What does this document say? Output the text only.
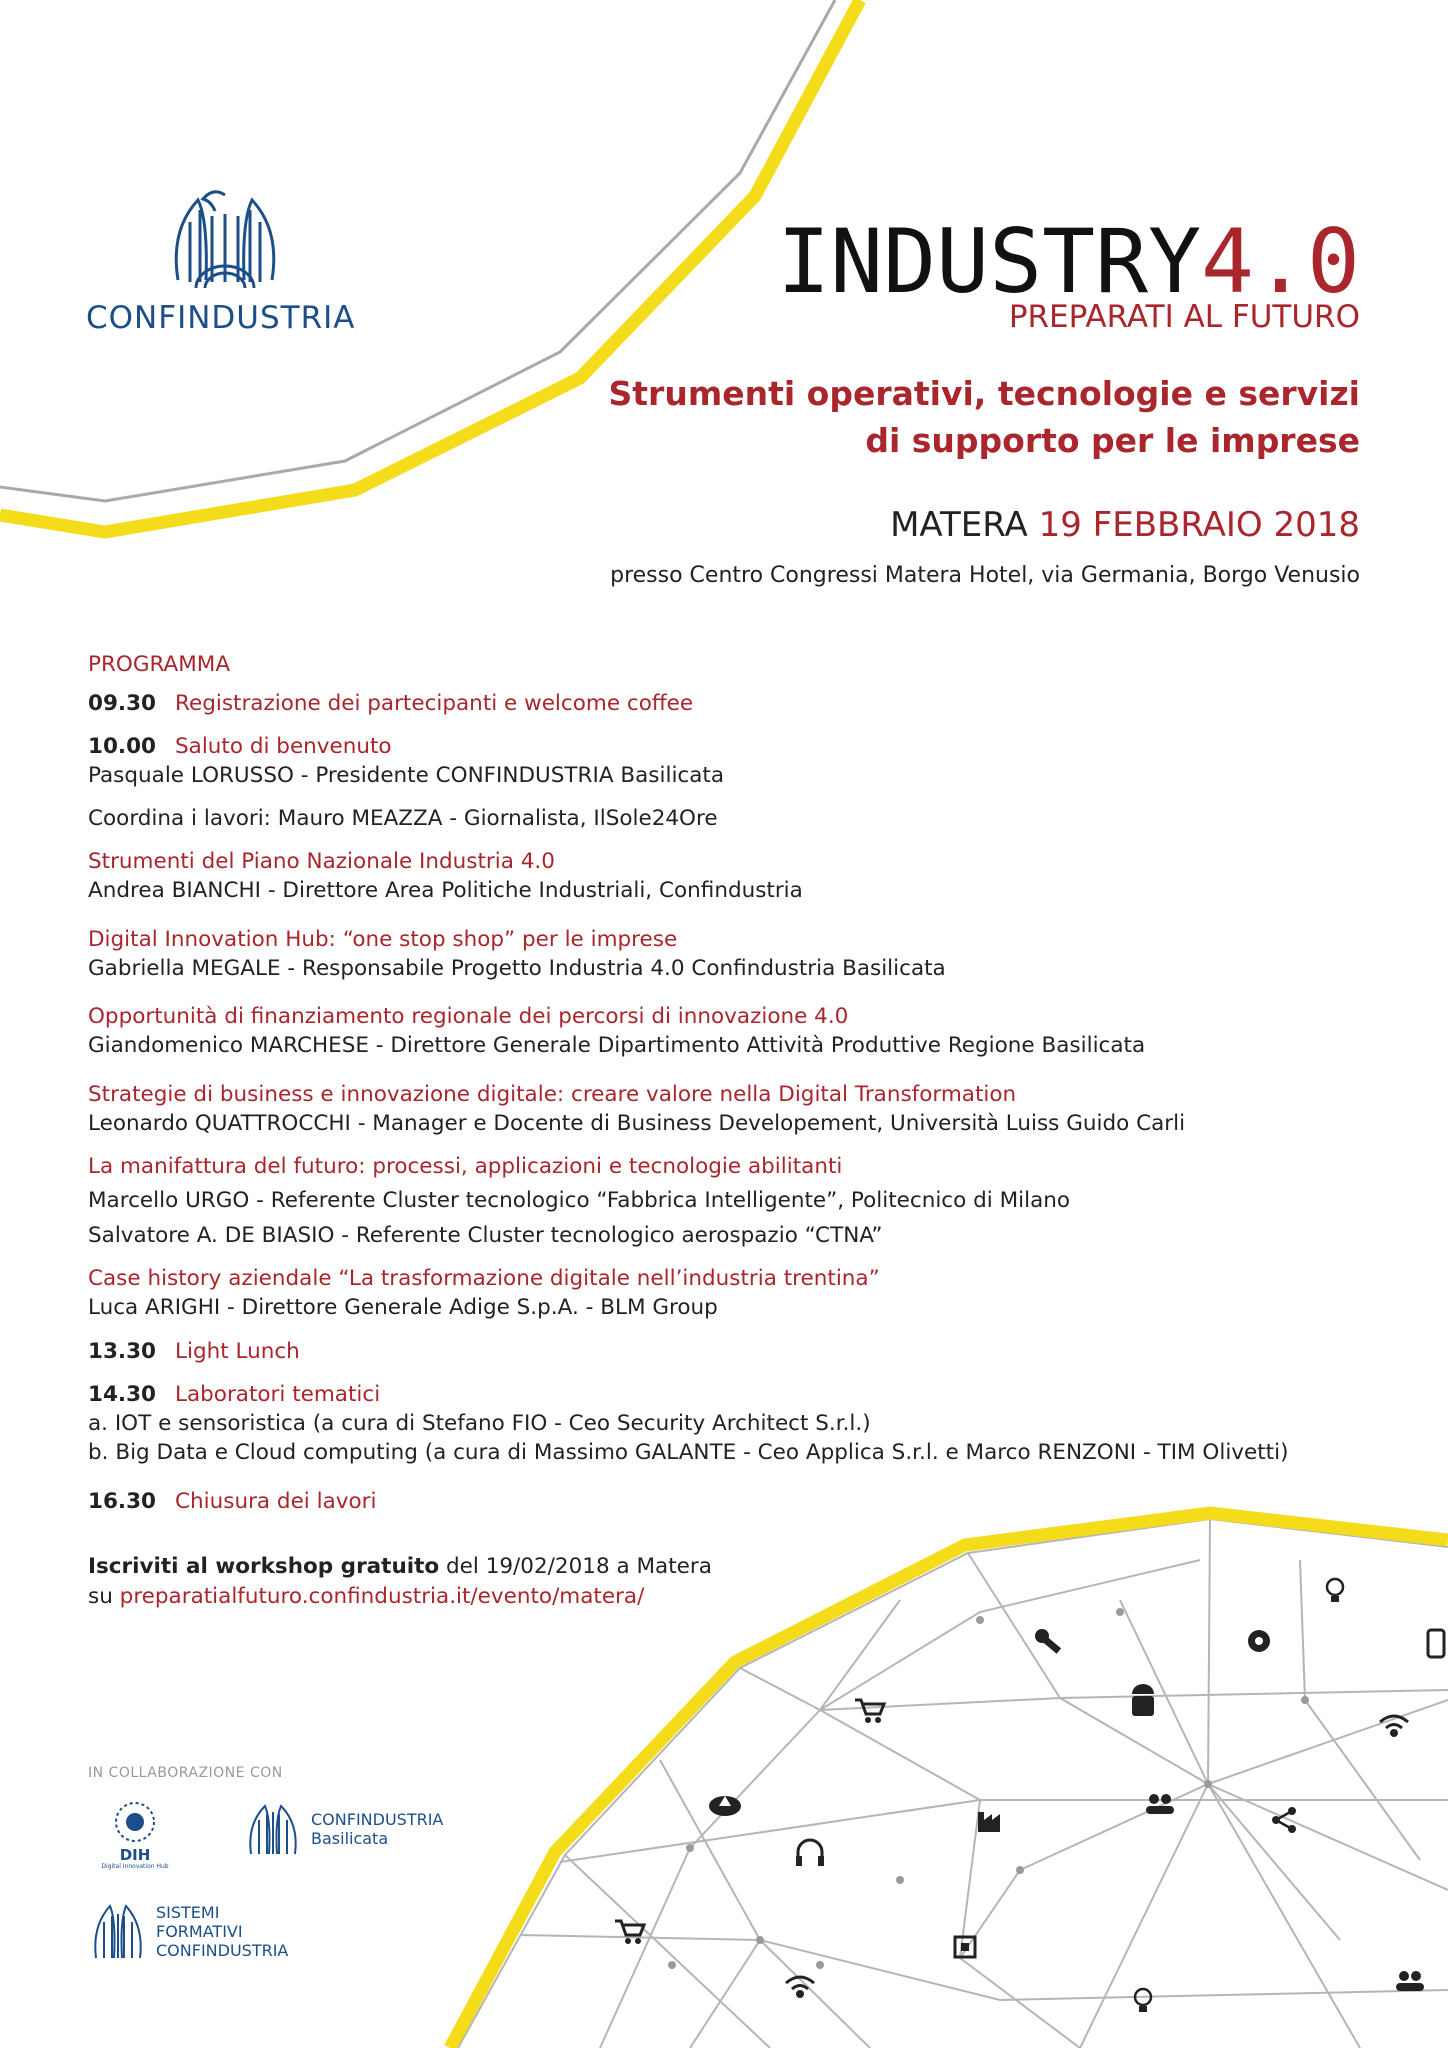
CONFINDUSTRIA
INDUSTRY4.0
PREPARATI AL FUTURO
Strumenti operativi, tecnologie e servizi
di supporto per le imprese
MATERA 19 FEBBRAIO 2018
presso Centro Congressi Matera Hotel, via Germania, Borgo Venusio
PROGRAMMA
09.30 Registrazione dei partecipanti e welcome coffee
10.00 Saluto di benvenuto
Pasquale LORUSSO - Presidente CONFINDUSTRIA Basilicata
Coordina i lavori: Mauro MEAZZA - Giornalista, IlSole24Ore
Strumenti del Piano Nazionale Industria 4.0
Andrea BIANCHI - Direttore Area Politiche Industriali, Confindustria
Digital Innovation Hub: “one stop shop” per le imprese
Gabriella MEGALE - Responsabile Progetto Industria 4.0 Confindustria Basilicata
Opportunità di finanziamento regionale dei percorsi di innovazione 4.0
Giandomenico MARCHESE - Direttore Generale Dipartimento Attività Produttive Regione Basilicata
Strategie di business e innovazione digitale: creare valore nella Digital Transformation
Leonardo QUATTROCCHI - Manager e Docente di Business Developement, Università Luiss Guido Carli
La manifattura del futuro: processi, applicazioni e tecnologie abilitanti
Marcello URGO - Referente Cluster tecnologico “Fabbrica Intelligente”, Politecnico di Milano
Salvatore A. DE BIASIO - Referente Cluster tecnologico aerospazio “CTNA”
Case history aziendale “La trasformazione digitale nell’industria trentina”
Luca ARIGHI - Direttore Generale Adige S.p.A. - BLM Group
13.30 Light Lunch
14.30 Laboratori tematici
a. IOT e sensoristica (a cura di Stefano FIO - Ceo Security Architect S.r.l.)
b. Big Data e Cloud computing (a cura di Massimo GALANTE - Ceo Applica S.r.l. e Marco RENZONI - TIM Olivetti)
16.30 Chiusura dei lavori
Iscriviti al workshop gratuito del 19/02/2018 a Matera
su preparatialfuturo.confindustria.it/evento/matera/
IN COLLABORAZIONE CON
DIH
Digital Innovation Hub
CONFINDUSTRIA
Basilicata
SISTEMI
FORMATIVI
CONFINDUSTRIA
